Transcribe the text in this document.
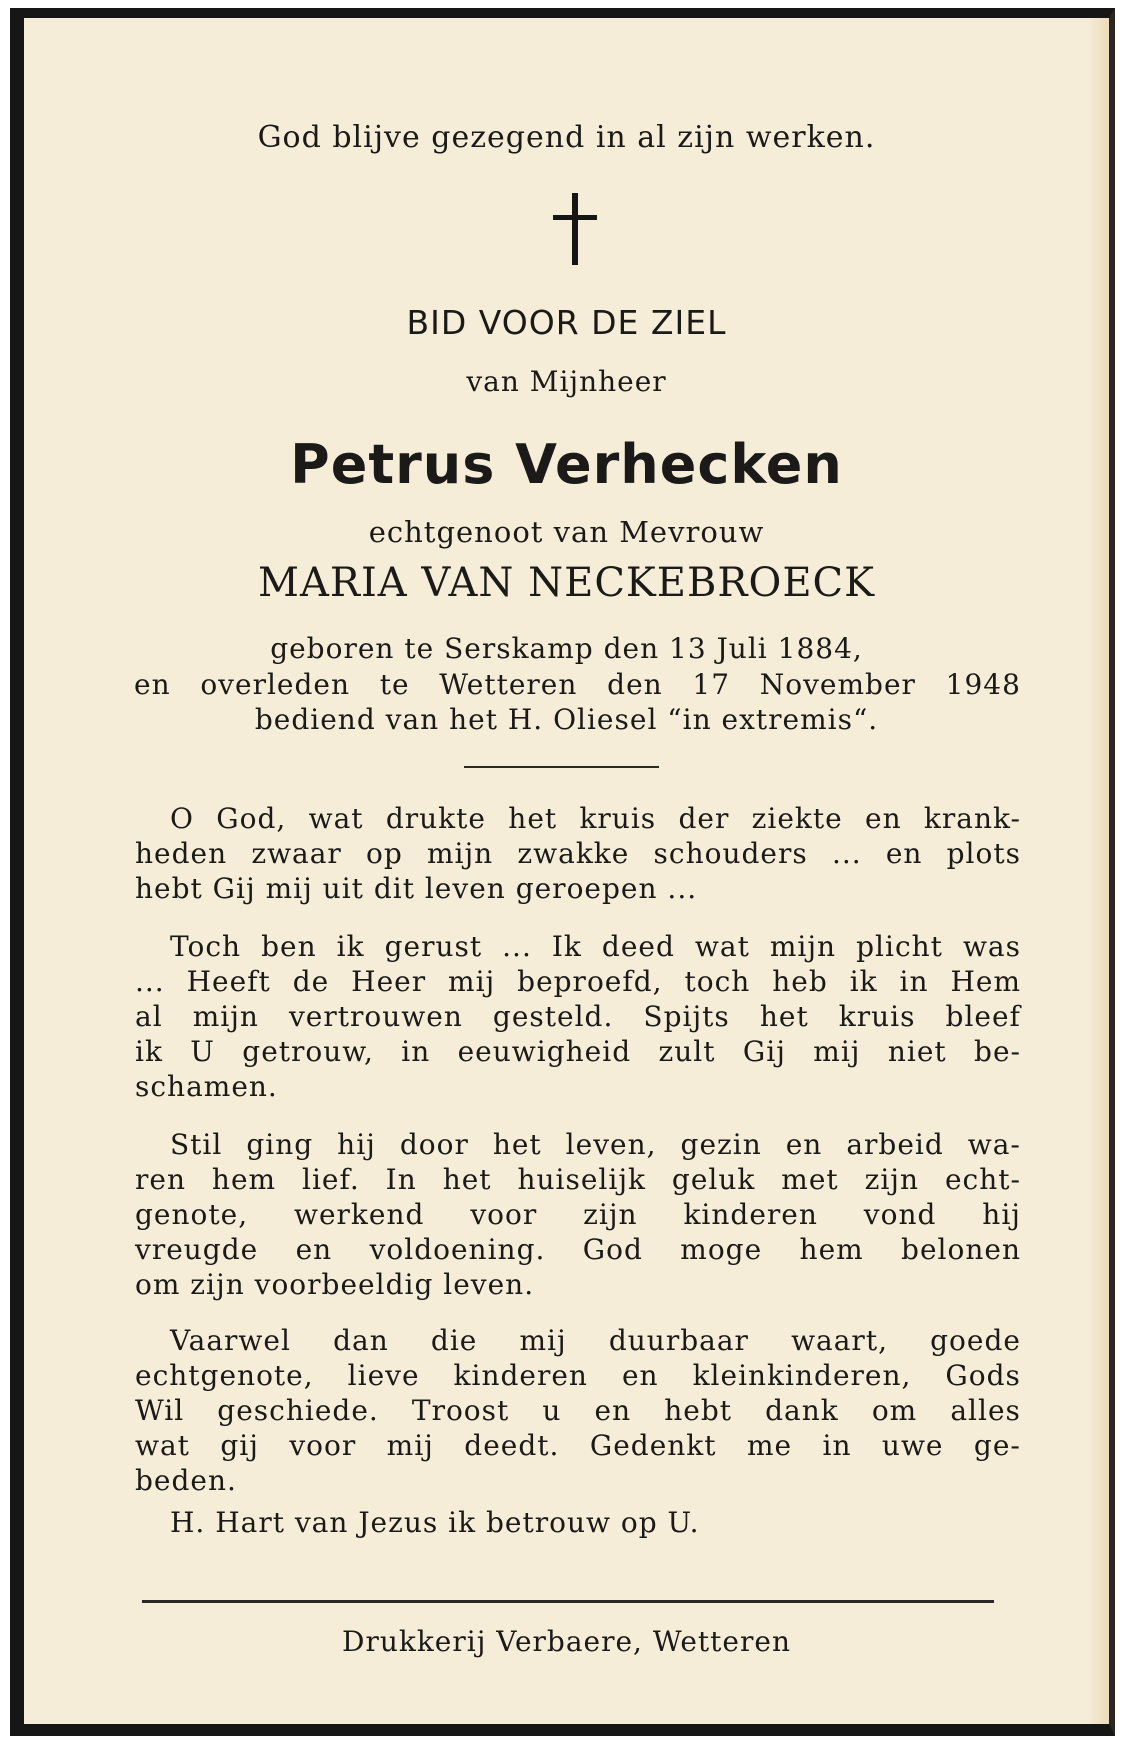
God blijve gezegend in al zijn werken.
BID VOOR DE ZIEL
van Mijnheer
Petrus Verhecken
echtgenoot van Mevrouw
MARIA VAN NECKEBROECK
geboren te Serskamp den 13 Juli 1884,
en overleden te Wetteren den 17 November 1948
bediend van het H. Oliesel “in extremis“.
O God, wat drukte het kruis der ziekte en krank-
heden zwaar op mijn zwakke schouders ... en plots
hebt Gij mij uit dit leven geroepen ...
Toch ben ik gerust ... Ik deed wat mijn plicht was
... Heeft de Heer mij beproefd, toch heb ik in Hem
al mijn vertrouwen gesteld. Spijts het kruis bleef
ik U getrouw, in eeuwigheid zult Gij mij niet be-
schamen.
Stil ging hij door het leven, gezin en arbeid wa-
ren hem lief. In het huiselijk geluk met zijn echt-
genote, werkend voor zijn kinderen vond hij
vreugde en voldoening. God moge hem belonen
om zijn voorbeeldig leven.
Vaarwel dan die mij duurbaar waart, goede
echtgenote, lieve kinderen en kleinkinderen, Gods
Wil geschiede. Troost u en hebt dank om alles
wat gij voor mij deedt. Gedenkt me in uwe ge-
beden.
H. Hart van Jezus ik betrouw op U.
Drukkerij Verbaere, Wetteren
